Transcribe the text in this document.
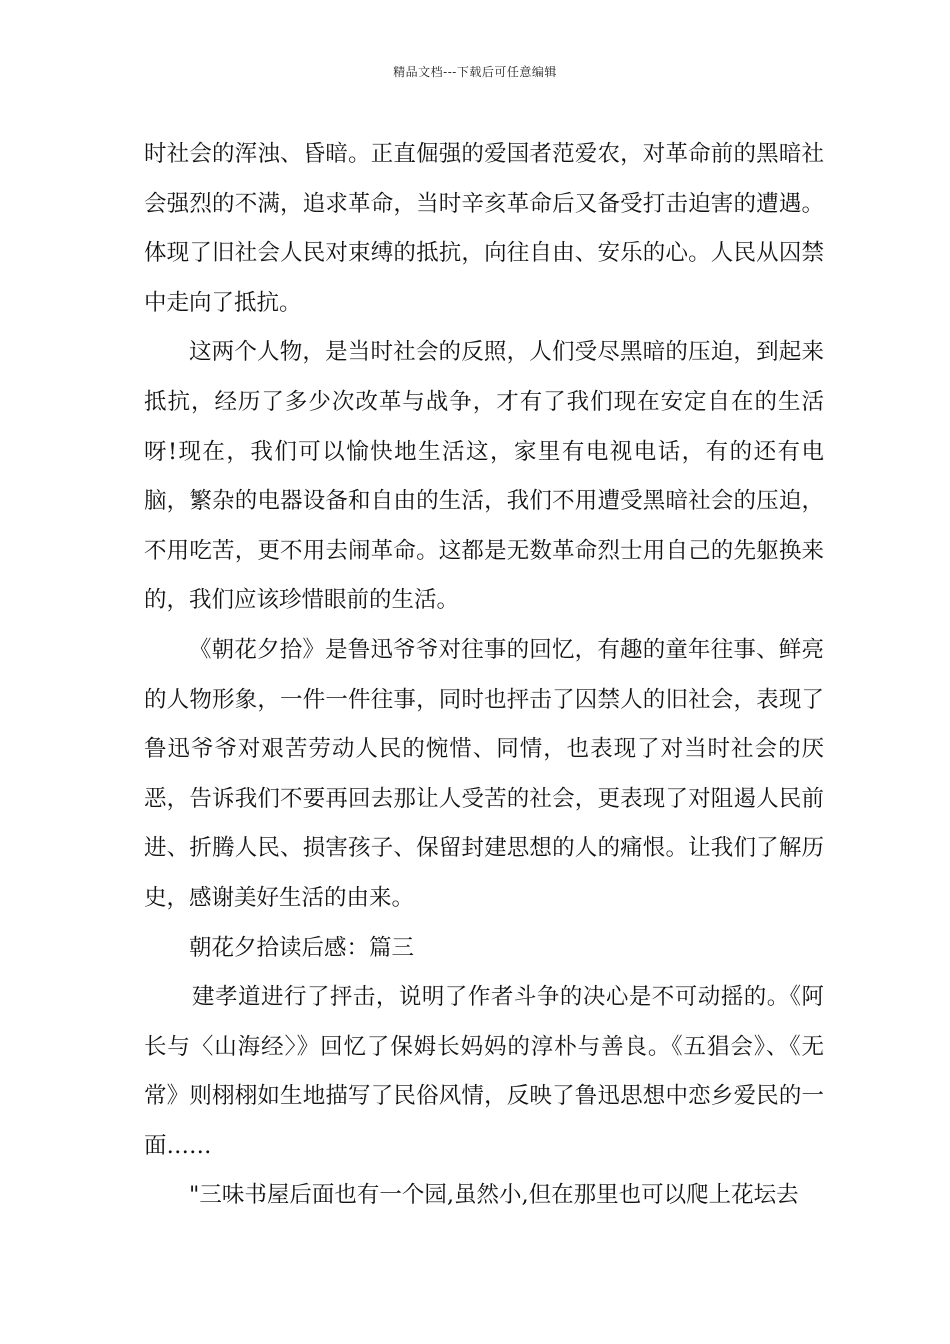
精品文档---下载后可任意编辑

时社会的浑浊、昏暗。正直倔强的爱国者范爱农，对革命前的黑暗社会强烈的不满，追求革命，当时辛亥革命后又备受打击迫害的遭遇。体现了旧社会人民对束缚的抵抗，向往自由、安乐的心。人民从囚禁中走向了抵抗。

这两个人物，是当时社会的反照，人们受尽黑暗的压迫，到起来抵抗，经历了多少次改革与战争，才有了我们现在安定自在的生活呀!现在，我们可以愉快地生活这，家里有电视电话，有的还有电脑，繁杂的电器设备和自由的生活，我们不用遭受黑暗社会的压迫，不用吃苦，更不用去闹革命。这都是无数革命烈士用自己的先躯换来的，我们应该珍惜眼前的生活。

《朝花夕拾》是鲁迅爷爷对往事的回忆，有趣的童年往事、鲜亮的人物形象，一件一件往事，同时也抨击了囚禁人的旧社会，表现了鲁迅爷爷对艰苦劳动人民的惋惜、同情，也表现了对当时社会的厌恶，告诉我们不要再回去那让人受苦的社会，更表现了对阻遏人民前进、折腾人民、损害孩子、保留封建思想的人的痛恨。让我们了解历史，感谢美好生活的由来。

朝花夕拾读后感：篇三

建孝道进行了抨击，说明了作者斗争的决心是不可动摇的。《阿长与〈山海经〉》回忆了保姆长妈妈的淳朴与善良。《五猖会》、《无常》则栩栩如生地描写了民俗风情，反映了鲁迅思想中恋乡爱民的一面……

"三味书屋后面也有一个园,虽然小,但在那里也可以爬上花坛去
